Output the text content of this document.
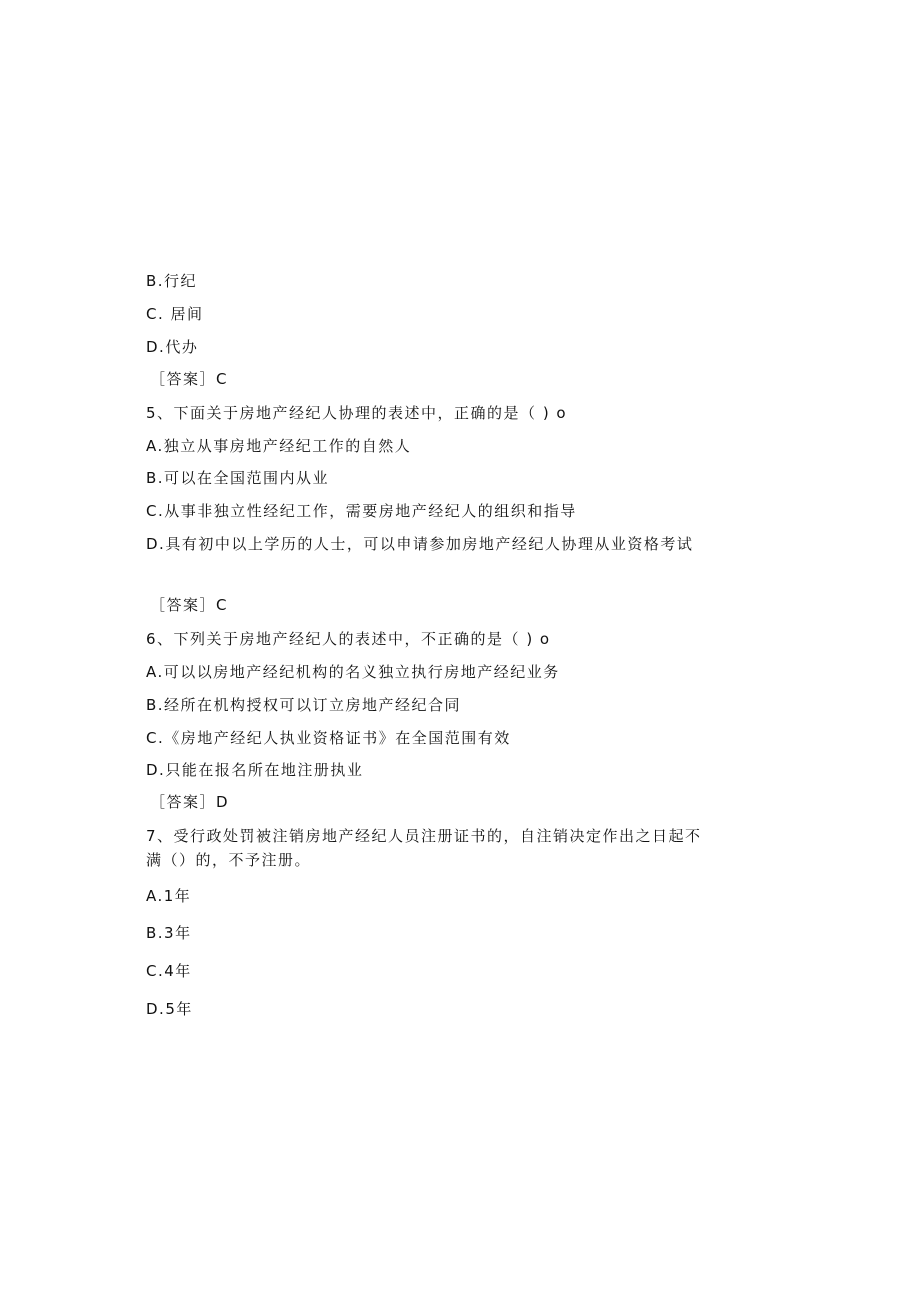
B.行纪
C. 居间
D.代办
［答案］C
5、下面关于房地产经纪人协理的表述中，正确的是（ ) o
A.独立从事房地产经纪工作的自然人
B.可以在全国范围内从业
C.从事非独立性经纪工作，需要房地产经纪人的组织和指导
D.具有初中以上学历的人士，可以申请参加房地产经纪人协理从业资格考试
［答案］C
6、下列关于房地产经纪人的表述中，不正确的是（ ) o
A.可以以房地产经纪机构的名义独立执行房地产经纪业务
B.经所在机构授权可以订立房地产经纪合同
C.《房地产经纪人执业资格证书》在全国范围有效
D.只能在报名所在地注册执业
［答案］D
7、受行政处罚被注销房地产经纪人员注册证书的，自注销决定作出之日起不满（）的，不予注册。
A.1年
B.3年
C.4年
D.5年
